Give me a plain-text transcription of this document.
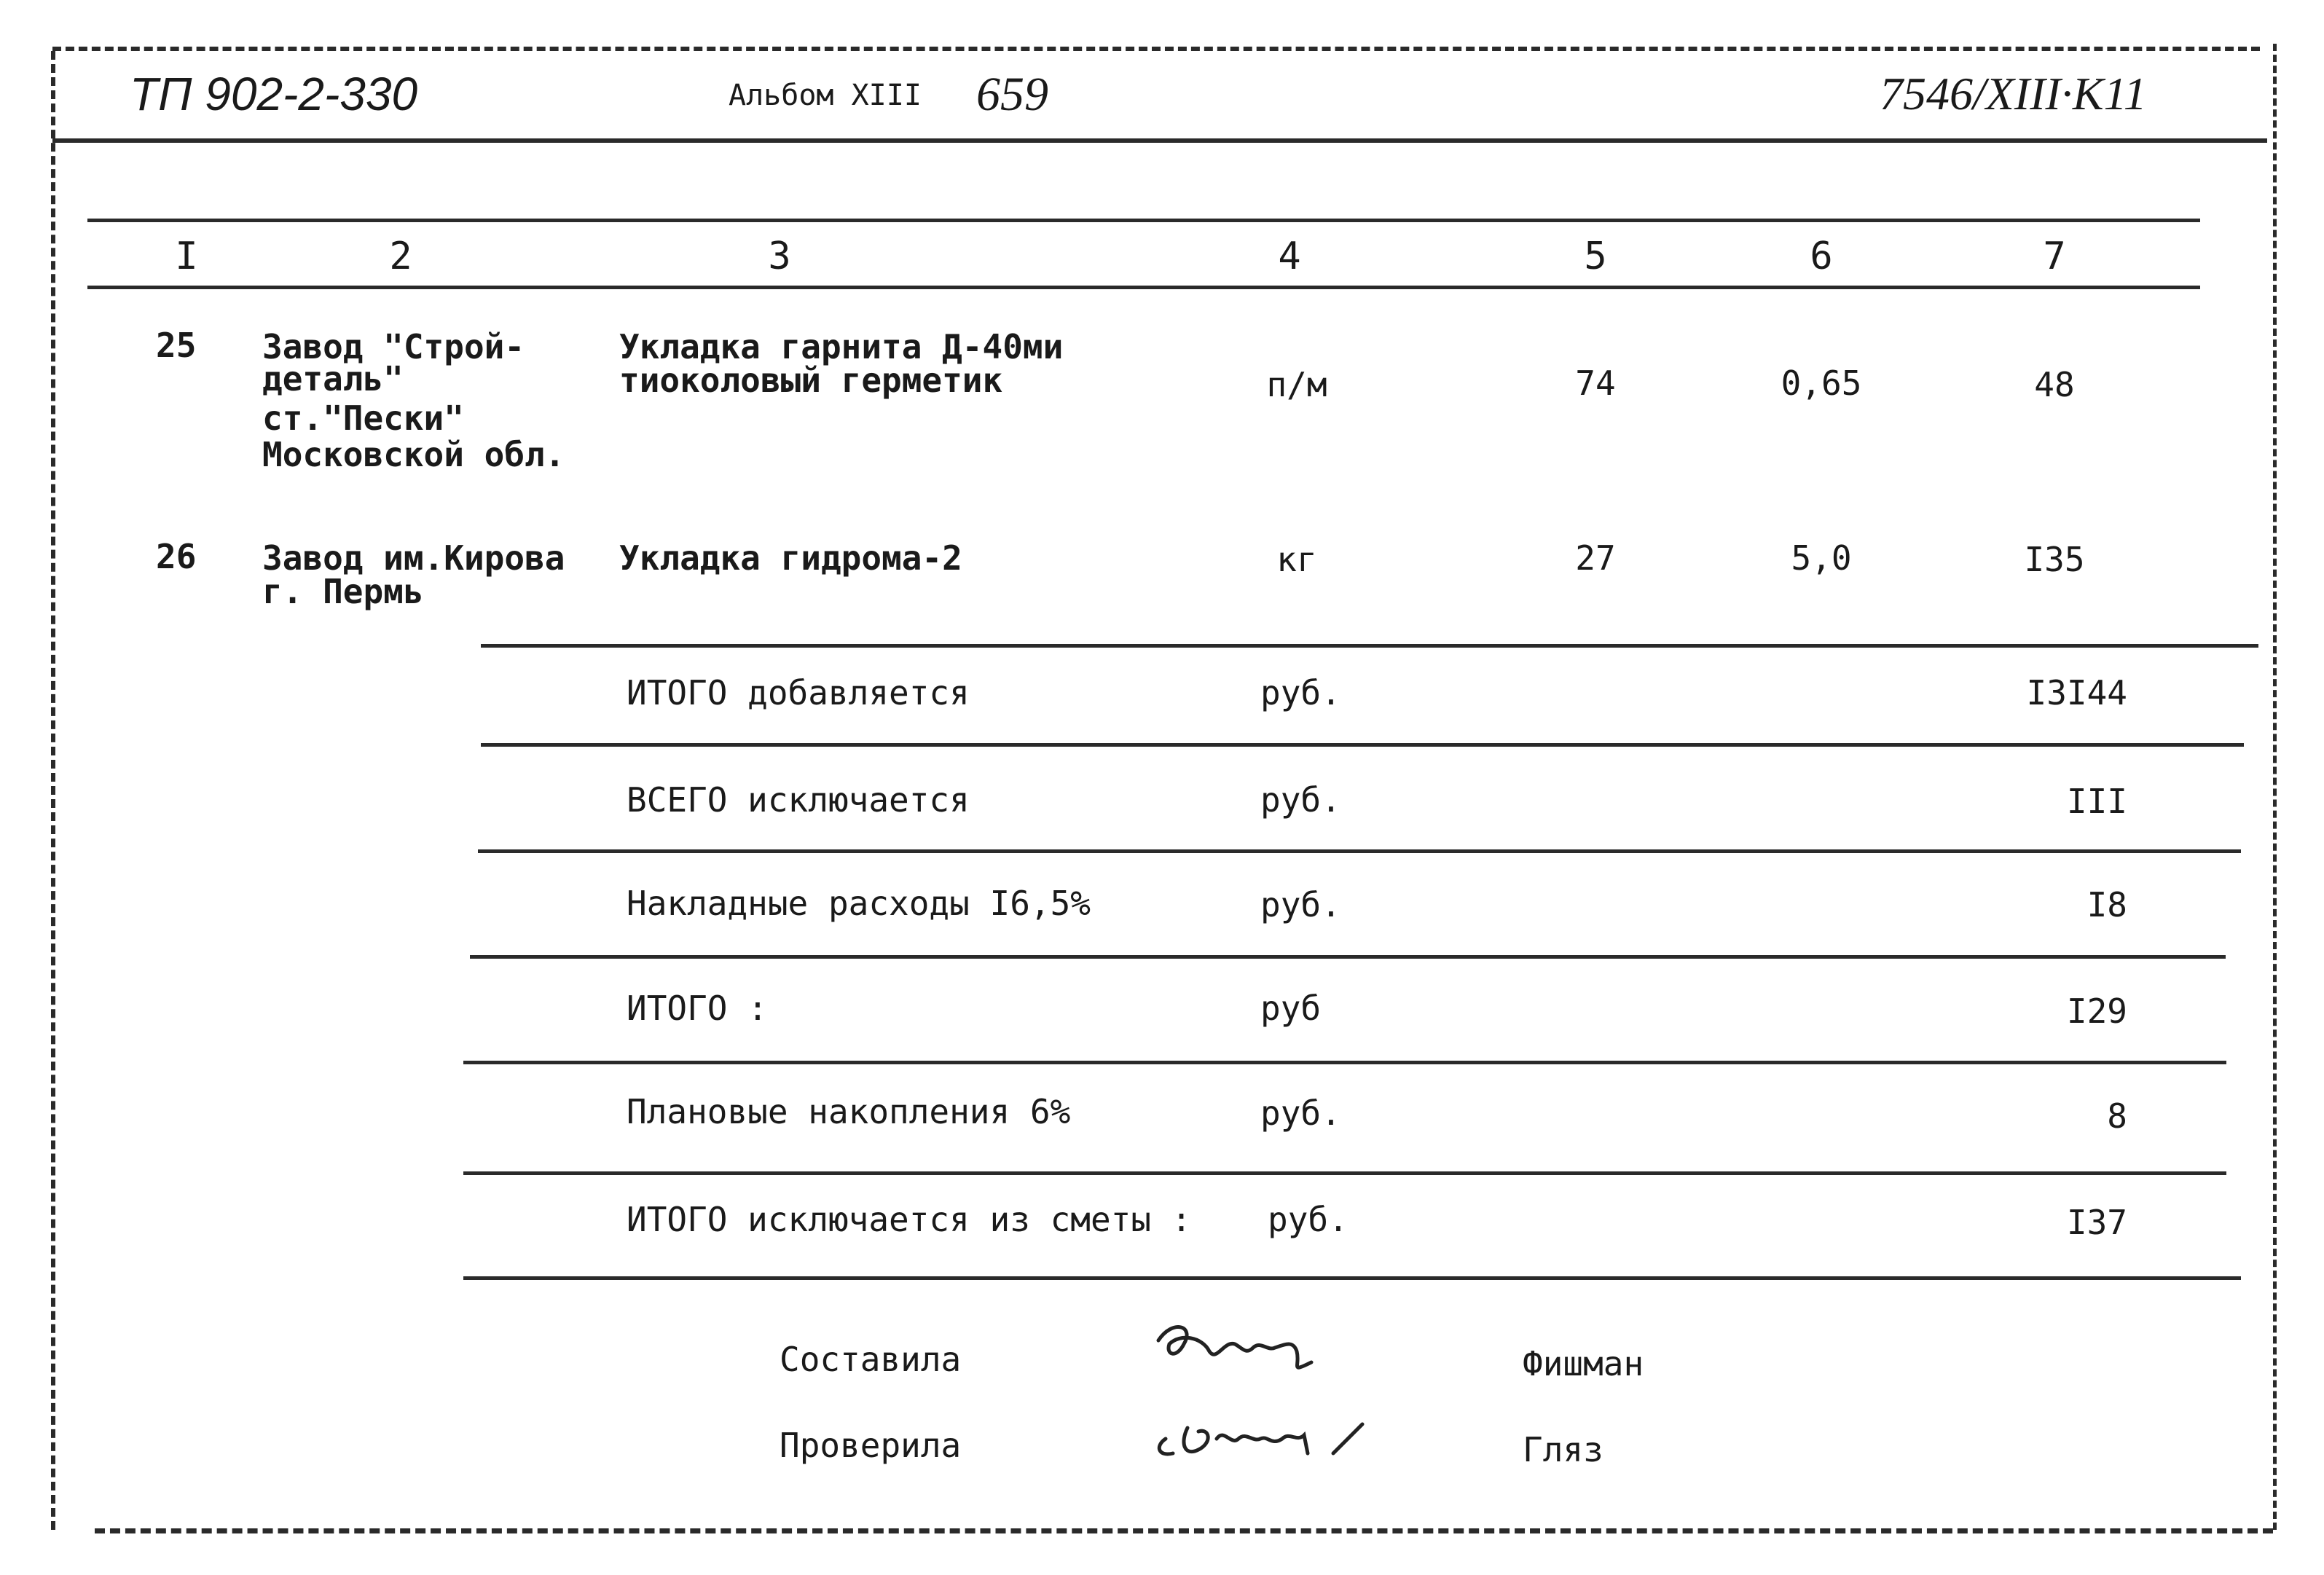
ТП 902-2-330	Альбом XIII 659	7546/XIII·K11
I	2	3	4	5	6	7
25 Завод "Строй-
деталь"
ст."Пески"
Московской обл.
Укладка гарнита Д-40ми
тиоколовый герметик	п/м	74	0,65	48
26 Завод им.Кирова
г. Пермь
Укладка гидрома-2	кг	27	5,0	I35
ИТОГО добавляется	руб.	I3I44
ВСЕГО исключается	руб.	III
Накладные расходы I6,5%	руб.	I8
ИТОГО :	руб	I29
Плановые накопления 6%	руб.	8
ИТОГО исключается из сметы : руб.	I37
Составила	Фишман
Проверила	Гляз
